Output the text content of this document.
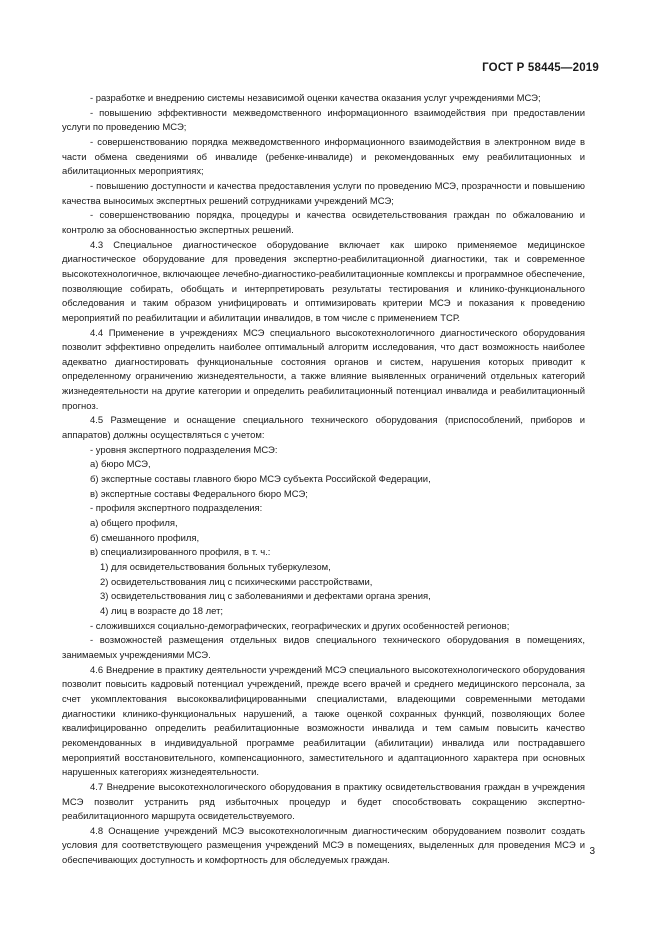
ГОСТ Р 58445—2019

- разработке и внедрению системы независимой оценки качества оказания услуг учреждениями МСЭ;

- повышению эффективности межведомственного информационного взаимодействия при предоставлении услуги по проведению МСЭ;

- совершенствованию порядка межведомственного информационного взаимодействия в электронном виде в части обмена сведениями об инвалиде (ребенке-инвалиде) и рекомендованных ему реабилитационных и абилитационных мероприятиях;

- повышению доступности и качества предоставления услуги по проведению МСЭ, прозрачности и повышению качества выносимых экспертных решений сотрудниками учреждений МСЭ;

- совершенствованию порядка, процедуры и качества освидетельствования граждан по обжалованию и контролю за обоснованностью экспертных решений.

4.3 Специальное диагностическое оборудование включает как широко применяемое медицинское диагностическое оборудование для проведения экспертно-реабилитационной диагностики, так и современное высокотехнологичное, включающее лечебно-диагностико-реабилитационные комплексы и программное обеспечение, позволяющие собирать, обобщать и интерпретировать результаты тестирования и клинико-функционального обследования и таким образом унифицировать и оптимизировать критерии МСЭ и показания к проведению мероприятий по реабилитации и абилитации инвалидов, в том числе с применением ТСР.

4.4 Применение в учреждениях МСЭ специального высокотехнологичного диагностического оборудования позволит эффективно определить наиболее оптимальный алгоритм исследования, что даст возможность наиболее адекватно диагностировать функциональные состояния органов и систем, нарушения которых приводит к определенному ограничению жизнедеятельности, а также влияние выявленных ограничений отдельных категорий жизнедеятельности на другие категории и определить реабилитационный потенциал инвалида и реабилитационный прогноз.

4.5 Размещение и оснащение специального технического оборудования (приспособлений, приборов и аппаратов) должны осуществляться с учетом:

- уровня экспертного подразделения МСЭ:

а) бюро МСЭ,

б) экспертные составы главного бюро МСЭ субъекта Российской Федерации,

в) экспертные составы Федерального бюро МСЭ;

- профиля экспертного подразделения:

а) общего профиля,

б) смешанного профиля,

в) специализированного профиля, в т. ч.:

1) для освидетельствования больных туберкулезом,

2) освидетельствования лиц с психическими расстройствами,

3) освидетельствования лиц с заболеваниями и дефектами органа зрения,

4) лиц в возрасте до 18 лет;

- сложившихся социально-демографических, географических и других особенностей регионов;

- возможностей размещения отдельных видов специального технического оборудования в помещениях, занимаемых учреждениями МСЭ.

4.6 Внедрение в практику деятельности учреждений МСЭ специального высокотехнологического оборудования позволит повысить кадровый потенциал учреждений, прежде всего врачей и среднего медицинского персонала, за счет укомплектования высококвалифицированными специалистами, владеющими современными методами диагностики клинико-функциональных нарушений, а также оценкой сохранных функций, позволяющих более квалифицированно определить реабилитационные возможности инвалида и тем самым повысить качество рекомендованных в индивидуальной программе реабилитации (абилитации) инвалида или пострадавшего мероприятий восстановительного, компенсационного, заместительного и адаптационного характера при основных нарушенных категориях жизнедеятельности.

4.7 Внедрение высокотехнологического оборудования в практику освидетельствования граждан в учреждения МСЭ позволит устранить ряд избыточных процедур и будет способствовать сокращению экспертно-реабилитационного маршрута освидетельствуемого.

4.8 Оснащение учреждений МСЭ высокотехнологичным диагностическим оборудованием позволит создать условия для соответствующего размещения учреждений МСЭ в помещениях, выделенных для проведения МСЭ и обеспечивающих доступность и комфортность для обследуемых граждан.

3
